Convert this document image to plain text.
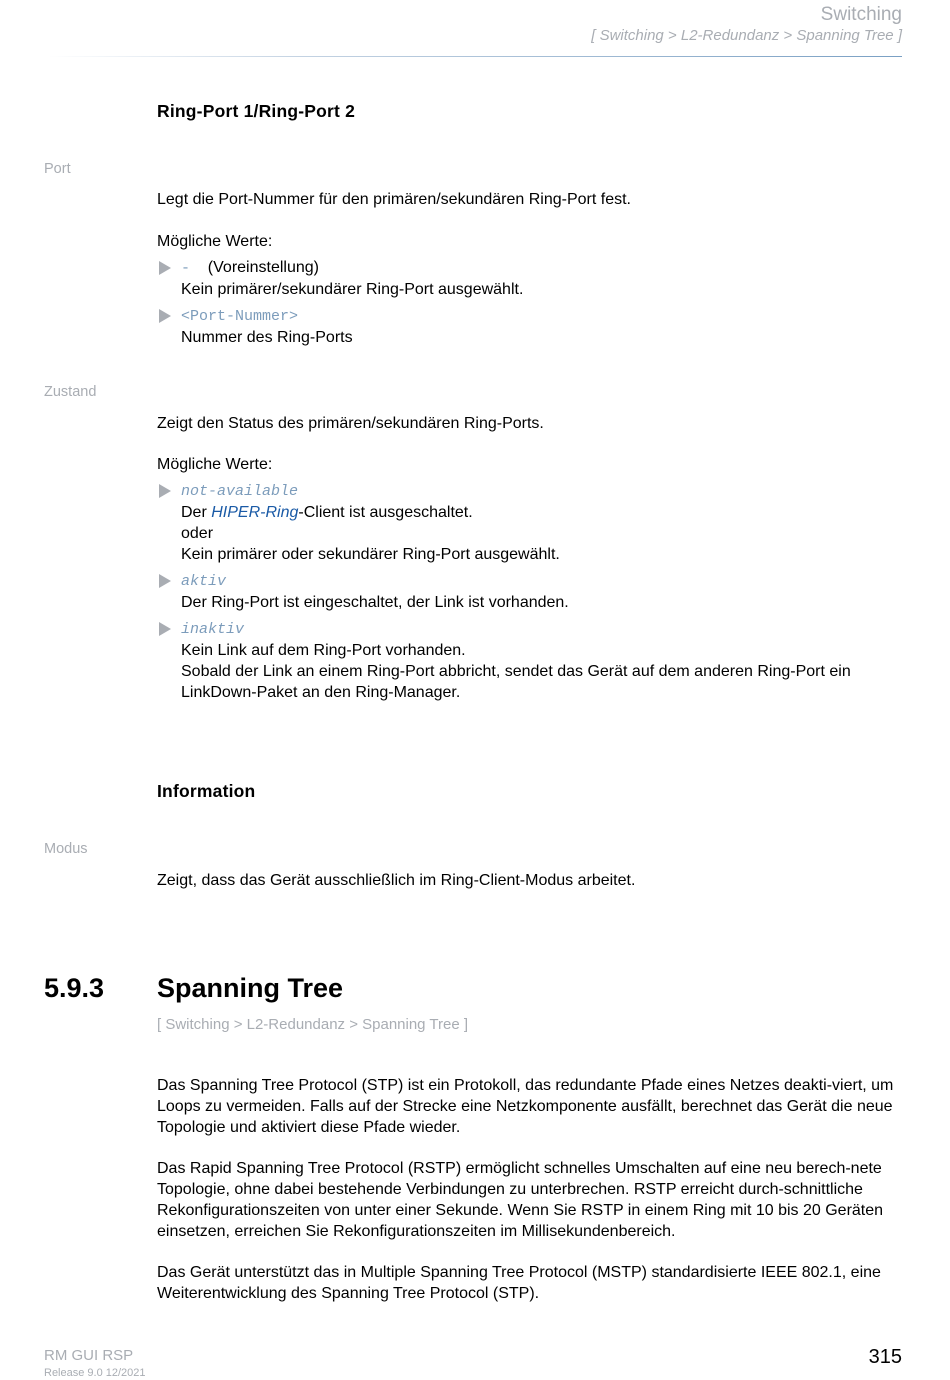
Switching
[ Switching > L2-Redundanz > Spanning Tree ]
Ring-Port 1/Ring-Port 2
Port

Legt die Port-Nummer für den primären/sekundären Ring-Port fest.

Mögliche Werte:

- (Voreinstellung)
Kein primärer/sekundärer Ring-Port ausgewählt.
<Port-Nummer>
Nummer des Ring-Ports
Zustand

Zeigt den Status des primären/sekundären Ring-Ports.

Mögliche Werte:

not-available
Der HIPER-Ring-Client ist ausgeschaltet.
oder
Kein primärer oder sekundärer Ring-Port ausgewählt.
aktiv
Der Ring-Port ist eingeschaltet, der Link ist vorhanden.
inaktiv
Kein Link auf dem Ring-Port vorhanden.
Sobald der Link an einem Ring-Port abbricht, sendet das Gerät auf dem anderen Ring-Port ein LinkDown-Paket an den Ring-Manager.
Information
Modus
Zeigt, dass das Gerät ausschließlich im Ring-Client-Modus arbeitet.
5.9.3 Spanning Tree
[ Switching > L2-Redundanz > Spanning Tree ]

Das Spanning Tree Protocol (STP) ist ein Protokoll, das redundante Pfade eines Netzes deakti-viert, um Loops zu vermeiden. Falls auf der Strecke eine Netzkomponente ausfällt, berechnet das Gerät die neue Topologie und aktiviert diese Pfade wieder.

Das Rapid Spanning Tree Protocol (RSTP) ermöglicht schnelles Umschalten auf eine neu berech-nete Topologie, ohne dabei bestehende Verbindungen zu unterbrechen. RSTP erreicht durch-schnittliche Rekonfigurationszeiten von unter einer Sekunde. Wenn Sie RSTP in einem Ring mit 10 bis 20 Geräten einsetzen, erreichen Sie Rekonfigurationszeiten im Millisekundenbereich.

Das Gerät unterstützt das in Multiple Spanning Tree Protocol (MSTP) standardisierte IEEE 802.1, eine Weiterentwicklung des Spanning Tree Protocol (STP).

RM GUI RSP
Release 9.0 12/2021
315
